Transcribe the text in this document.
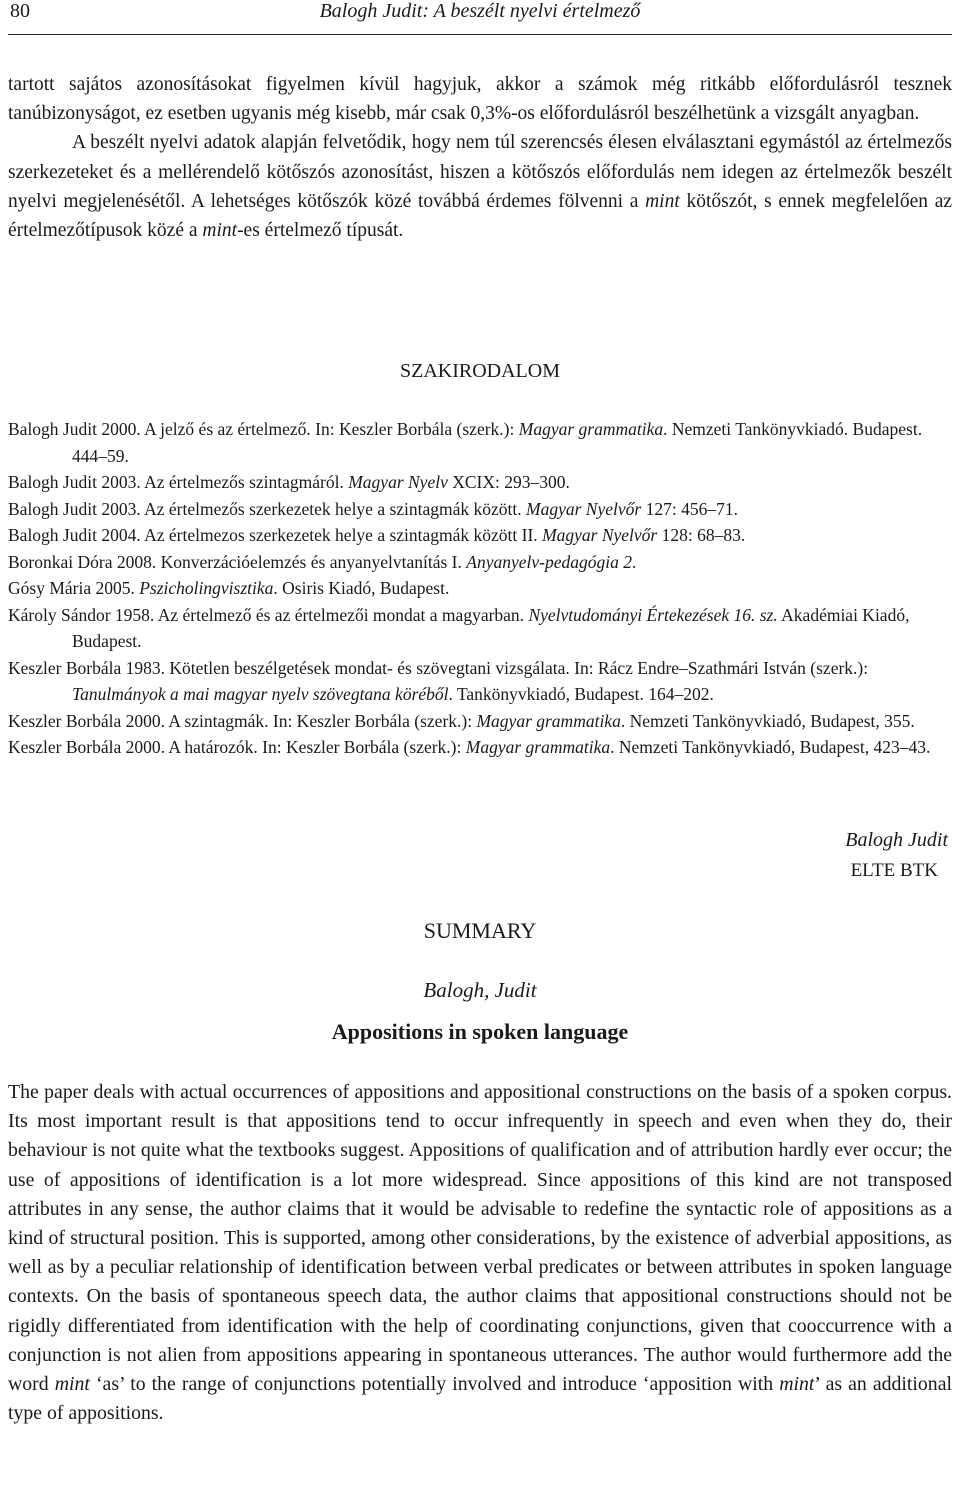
80	Balogh Judit: A beszélt nyelvi értelmező

tartott sajátos azonosításokat figyelmen kívül hagyjuk, akkor a számok még ritkább előfordulásról tesznek tanúbizonyságot, ez esetben ugyanis még kisebb, már csak 0,3%-os előfordulásról beszélhetünk a vizsgált anyagban.

A beszélt nyelvi adatok alapján felvetődik, hogy nem túl szerencsés élesen elválasztani egymástól az értelmezős szerkezeteket és a mellérendelő kötőszós azonosítást, hiszen a kötőszós előfordulás nem idegen az értelmezők beszélt nyelvi megjelenésétől. A lehetséges kötőszók közé továbbá érdemes fölvenni a mint kötőszót, s ennek megfelelően az értelmezőtípusok közé a mint-es értelmező típusát.

SZAKIRODALOM
Balogh Judit 2000. A jelző és az értelmező. In: Keszler Borbála (szerk.): Magyar grammatika. Nemzeti Tankönyvkiadó. Budapest. 444–59.
Balogh Judit 2003. Az értelmezős szintagmáról. Magyar Nyelv XCIX: 293–300.
Balogh Judit 2003. Az értelmezős szerkezetek helye a szintagmák között. Magyar Nyelvőr 127: 456–71.
Balogh Judit 2004. Az értelmezos szerkezetek helye a szintagmák között II. Magyar Nyelvőr 128: 68–83.
Boronkai Dóra 2008. Konverzációelemzés és anyanyelvtanítás I. Anyanyelv-pedagógia 2.
Gósy Mária 2005. Pszicholingvisztika. Osiris Kiadó, Budapest.
Károly Sándor 1958. Az értelmező és az értelmezői mondat a magyarban. Nyelvtudományi Értekezések 16. sz. Akadémiai Kiadó, Budapest.
Keszler Borbála 1983. Kötetlen beszélgetések mondat- és szövegtani vizsgálata. In: Rácz Endre–Szathmári István (szerk.): Tanulmányok a mai magyar nyelv szövegtana köréből. Tankönyvkiadó, Budapest. 164–202.
Keszler Borbála 2000. A szintagmák. In: Keszler Borbála (szerk.): Magyar grammatika. Nemzeti Tankönyvkiadó, Budapest, 355.
Keszler Borbála 2000. A határozók. In: Keszler Borbála (szerk.): Magyar grammatika. Nemzeti Tankönyvkiadó, Budapest, 423–43.
Balogh Judit
ELTE BTK
SUMMARY
Balogh, Judit
Appositions in spoken language
The paper deals with actual occurrences of appositions and appositional constructions on the basis of a spoken corpus. Its most important result is that appositions tend to occur infrequently in speech and even when they do, their behaviour is not quite what the textbooks suggest. Appositions of qualification and of attribution hardly ever occur; the use of appositions of identification is a lot more widespread. Since appositions of this kind are not transposed attributes in any sense, the author claims that it would be advisable to redefine the syntactic role of appositions as a kind of structural position. This is supported, among other considerations, by the existence of adverbial appositions, as well as by a peculiar relationship of identification between verbal predicates or between attributes in spoken language contexts. On the basis of spontaneous speech data, the author claims that appositional constructions should not be rigidly differentiated from identification with the help of coordinating conjunctions, given that cooccurrence with a conjunction is not alien from appositions appearing in spontaneous utterances. The author would furthermore add the word mint ‘as’ to the range of conjunctions potentially involved and introduce ‘apposition with mint’ as an additional type of appositions.
